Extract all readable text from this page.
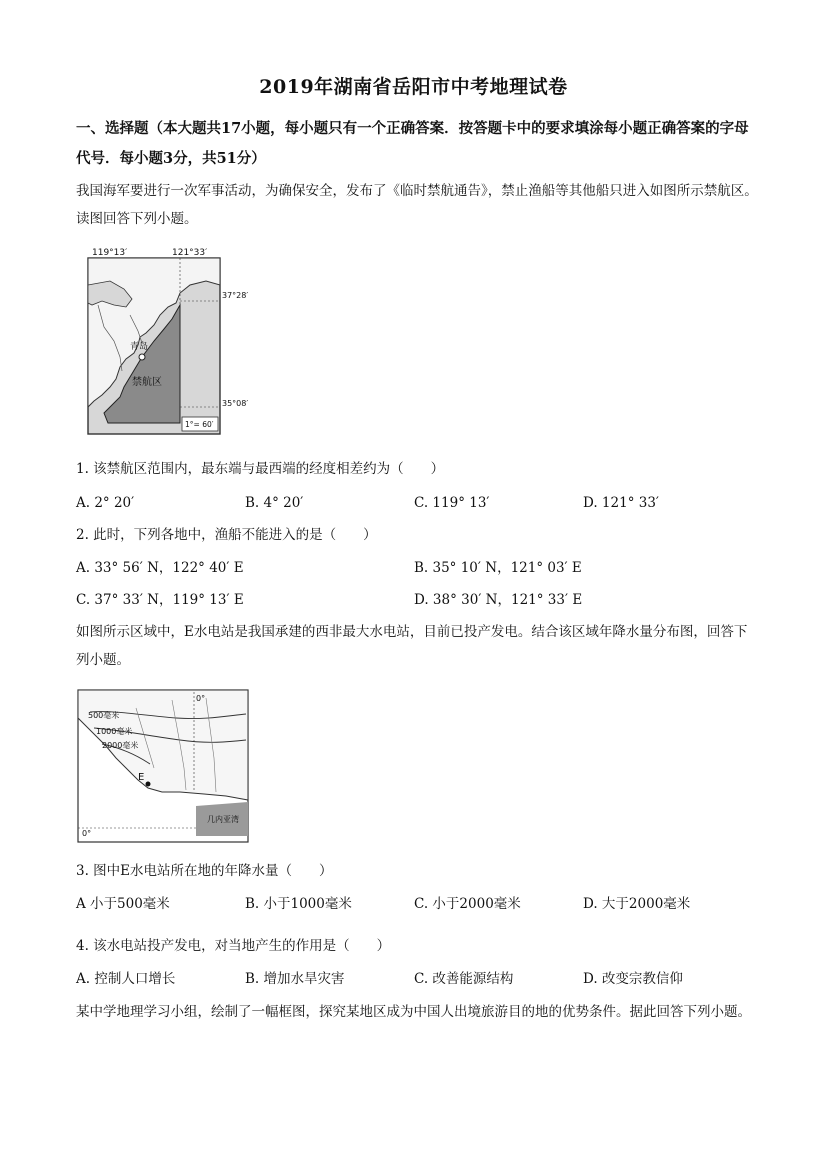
2019年湖南省岳阳市中考地理试卷
一、选择题（本大题共17小题，每小题只有一个正确答案．按答题卡中的要求填涂每小题正确答案的字母代号．每小题3分，共51分）
我国海军要进行一次军事活动，为确保安全，发布了《临时禁航通告》，禁止渔船等其他船只进入如图所示禁航区。读图回答下列小题。
青岛
禁航区
119°13′	121°33′
37°28′
35°08′
1°= 60′
1. 该禁航区范围内，最东端与最西端的经度相差约为（　　）
A. 2° 20′	B. 4° 20′	C. 119° 13′	D. 121° 33′
2. 此时，下列各地中，渔船不能进入的是（　　）
A. 33° 56′ N，122° 40′ E	B. 35° 10′ N，121° 03′ E
C. 37° 33′ N，119° 13′ E	D. 38° 30′ N，121° 33′ E
如图所示区域中，E水电站是我国承建的西非最大水电站，目前已投产发电。结合该区域年降水量分布图，回答下列小题。
几内亚湾
500毫米
1000毫米
2000毫米
0°
0°
E
3. 图中E水电站所在地的年降水量（　　）
A 小于500毫米	B. 小于1000毫米	C. 小于2000毫米	D. 大于2000毫米
4. 该水电站投产发电，对当地产生的作用是（　　）
A. 控制人口增长	B. 增加水旱灾害	C. 改善能源结构	D. 改变宗教信仰
某中学地理学习小组，绘制了一幅框图，探究某地区成为中国人出境旅游目的地的优势条件。据此回答下列小题。
